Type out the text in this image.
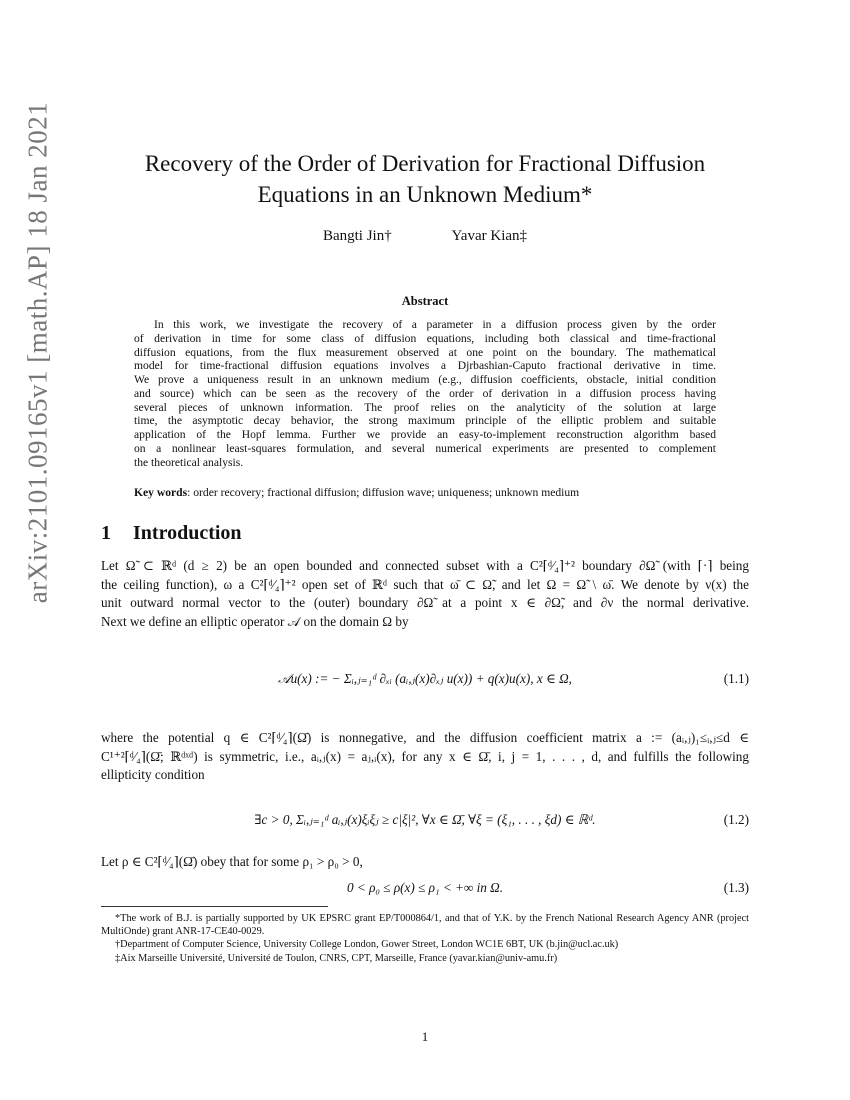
arXiv:2101.09165v1 [math.AP] 18 Jan 2021	Recovery of the Order of Derivation for Fractional Diffusion
Equations in an Unknown Medium*
Bangti Jin†	Yavar Kian‡
Abstract
In this work, we investigate the recovery of a parameter in a diffusion process given by the order
of derivation in time for some class of diffusion equations, including both classical and time-fractional
diffusion equations, from the flux measurement observed at one point on the boundary. The mathematical
model for time-fractional diffusion equations involves a Djrbashian-Caputo fractional derivative in time.
We prove a uniqueness result in an unknown medium (e.g., diffusion coefficients, obstacle, initial condition
and source) which can be seen as the recovery of the order of derivation in a diffusion process having
several pieces of unknown information. The proof relies on the analyticity of the solution at large
time, the asymptotic decay behavior, the strong maximum principle of the elliptic problem and suitable
application of the Hopf lemma. Further we provide an easy-to-implement reconstruction algorithm based
on a nonlinear least-squares formulation, and several numerical experiments are presented to complement
the theoretical analysis.
Key words: order recovery; fractional diffusion; diffusion wave; uniqueness; unknown medium
1 Introduction
Let Ω̃ ⊂ ℝᵈ (d ≥ 2) be an open bounded and connected subset with a C²⌈ᵈ⁄₄⌉⁺² boundary ∂Ω̃ (with ⌈·⌉ being
the ceiling function), ω a C²⌈ᵈ⁄₄⌉⁺² open set of ℝᵈ such that ω̄ ⊂ Ω̃, and let Ω = Ω̃ \ ω̄. We denote by ν(x) the
unit outward normal vector to the (outer) boundary ∂Ω̃ at a point x ∈ ∂Ω̃, and ∂ν the normal derivative.
Next we define an elliptic operator 𝒜 on the domain Ω by
𝒜u(x) := − Σᵢ,ⱼ₌₁ᵈ ∂ₓᵢ (aᵢ,ⱼ(x)∂ₓⱼ u(x)) + q(x)u(x), x ∈ Ω,	(1.1)
where the potential q ∈ C²⌈ᵈ⁄₄⌉(Ω̄) is nonnegative, and the diffusion coefficient matrix a := (aᵢ,ⱼ)₁≤ᵢ,ⱼ≤d ∈
C¹⁺²⌈ᵈ⁄₄⌉(Ω̄; ℝᵈˣᵈ) is symmetric, i.e., aᵢ,ⱼ(x) = aⱼ,ᵢ(x), for any x ∈ Ω̄, i, j = 1, . . . , d, and fulfills the following
ellipticity condition
∃c > 0, Σᵢ,ⱼ₌₁ᵈ aᵢ,ⱼ(x)ξᵢξⱼ ≥ c|ξ|², ∀x ∈ Ω̄, ∀ξ = (ξ₁, . . . , ξd) ∈ ℝᵈ.	(1.2)
Let ρ ∈ C²⌈ᵈ⁄₄⌉(Ω̄) obey that for some ρ₁ > ρ₀ > 0,
0 < ρ₀ ≤ ρ(x) ≤ ρ₁ < +∞ in Ω.	(1.3)
*The work of B.J. is partially supported by UK EPSRC grant EP/T000864/1, and that of Y.K. by the French National Research Agency ANR (project MultiOnde) grant ANR-17-CE40-0029.
†Department of Computer Science, University College London, Gower Street, London WC1E 6BT, UK (b.jin@ucl.ac.uk)
‡Aix Marseille Université, Université de Toulon, CNRS, CPT, Marseille, France (yavar.kian@univ-amu.fr)
1
